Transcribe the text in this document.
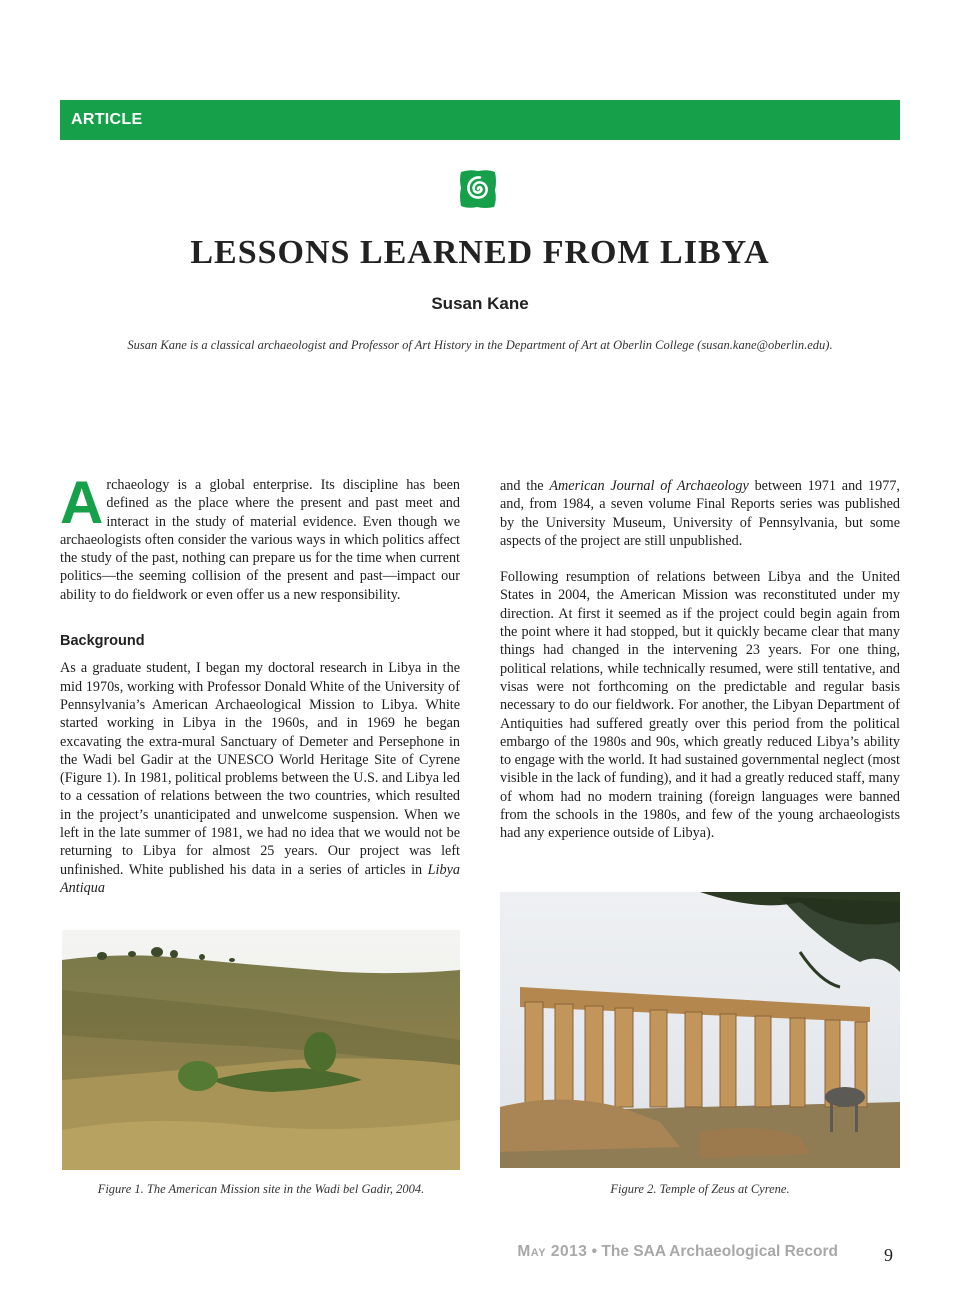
ARTICLE
LESSONS LEARNED FROM LIBYA
Susan Kane
Susan Kane is a classical archaeologist and Professor of Art History in the Department of Art at Oberlin College (susan.kane@oberlin.edu).

Archaeology is a global enterprise. Its discipline has been defined as the place where the present and past meet and interact in the study of material evidence. Even though we archaeologists often consider the various ways in which politics affect the study of the past, nothing can prepare us for the time when current politics—the seeming collision of the present and past—impact our ability to do fieldwork or even offer us a new responsibility.

Background

As a graduate student, I began my doctoral research in Libya in the mid 1970s, working with Professor Donald White of the University of Pennsylvania’s American Archaeological Mission to Libya. White started working in Libya in the 1960s, and in 1969 he began excavating the extra-mural Sanctuary of Demeter and Persephone in the Wadi bel Gadir at the UNESCO World Heritage Site of Cyrene (Figure 1). In 1981, political problems between the U.S. and Libya led to a cessation of relations between the two countries, which resulted in the project’s unanticipated and unwelcome suspension. When we left in the late summer of 1981, we had no idea that we would not be returning to Libya for almost 25 years. Our project was left unfinished. White published his data in a series of articles in Libya Antiqua

and the American Journal of Archaeology between 1971 and 1977, and, from 1984, a seven volume Final Reports series was published by the University Museum, University of Pennsylvania, but some aspects of the project are still unpublished.

Following resumption of relations between Libya and the United States in 2004, the American Mission was reconstituted under my direction. At first it seemed as if the project could begin again from the point where it had stopped, but it quickly became clear that many things had changed in the intervening 23 years. For one thing, political relations, while technically resumed, were still tentative, and visas were not forthcoming on the predictable and regular basis necessary to do our fieldwork. For another, the Libyan Department of Antiquities had suffered greatly over this period from the political embargo of the 1980s and 90s, which greatly reduced Libya’s ability to engage with the world. It had sustained governmental neglect (most visible in the lack of funding), and it had a greatly reduced staff, many of whom had no modern training (foreign languages were banned from the schools in the 1980s, and few of the young archaeologists had any experience outside of Libya).

Figure 1. The American Mission site in the Wadi bel Gadir, 2004.	Figure 2. Temple of Zeus at Cyrene.
May 2013 • The SAA Archaeological Record	9
